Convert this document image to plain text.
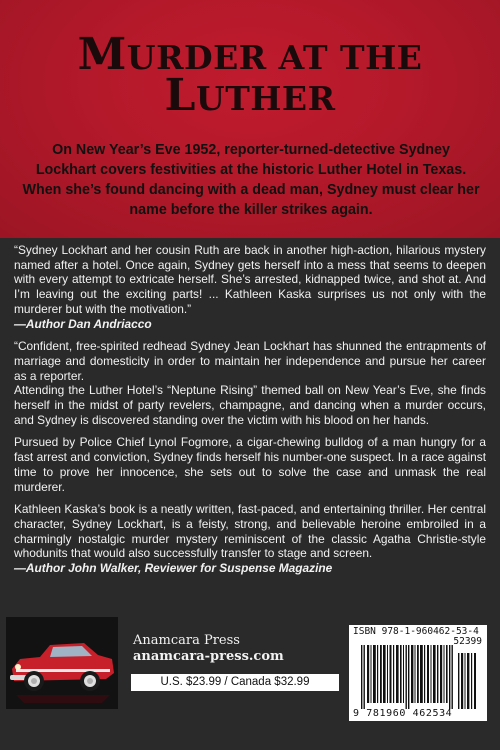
MURDER AT THE
LUTHER
On New Year’s Eve 1952, reporter-turned-detective Sydney Lockhart covers festivities at the historic Luther Hotel in Texas. When she’s found dancing with a dead man, Sydney must clear her name before the killer strikes again.

“Sydney Lockhart and her cousin Ruth are back in another high-action, hilarious mystery named after a hotel. Once again, Sydney gets herself into a mess that seems to deepen with every attempt to extricate herself. She’s arrested, kidnapped twice, and shot at. And I’m leaving out the exciting parts! ... Kathleen Kaska surprises us not only with the murderer but with the motivation.”

—Author Dan Andriacco

“Confident, free-spirited redhead Sydney Jean Lockhart has shunned the entrapments of marriage and domesticity in order to maintain her independence and pursue her career as a reporter.

Attending the Luther Hotel’s “Neptune Rising” themed ball on New Year’s Eve, she finds herself in the midst of party revelers, champagne, and dancing when a murder occurs, and Sydney is discovered standing over the victim with his blood on her hands.

Pursued by Police Chief Lynol Fogmore, a cigar-chewing bulldog of a man hungry for a fast arrest and conviction, Sydney finds herself his number-one suspect. In a race against time to prove her innocence, she sets out to solve the case and unmask the real murderer.

Kathleen Kaska’s book is a neatly written, fast-paced, and entertaining thriller. Her central character, Sydney Lockhart, is a feisty, strong, and believable heroine embroiled in a charmingly nostalgic murder mystery reminiscent of the classic Agatha Christie-style whodunits that would also successfully transfer to stage and screen.

—Author John Walker, Reviewer for Suspense Magazine

Anamcara Press
anamcara-press.com
U.S. $23.99 / Canada $32.99
ISBN 978-1-960462-53-4
52399
9 781960 462534
